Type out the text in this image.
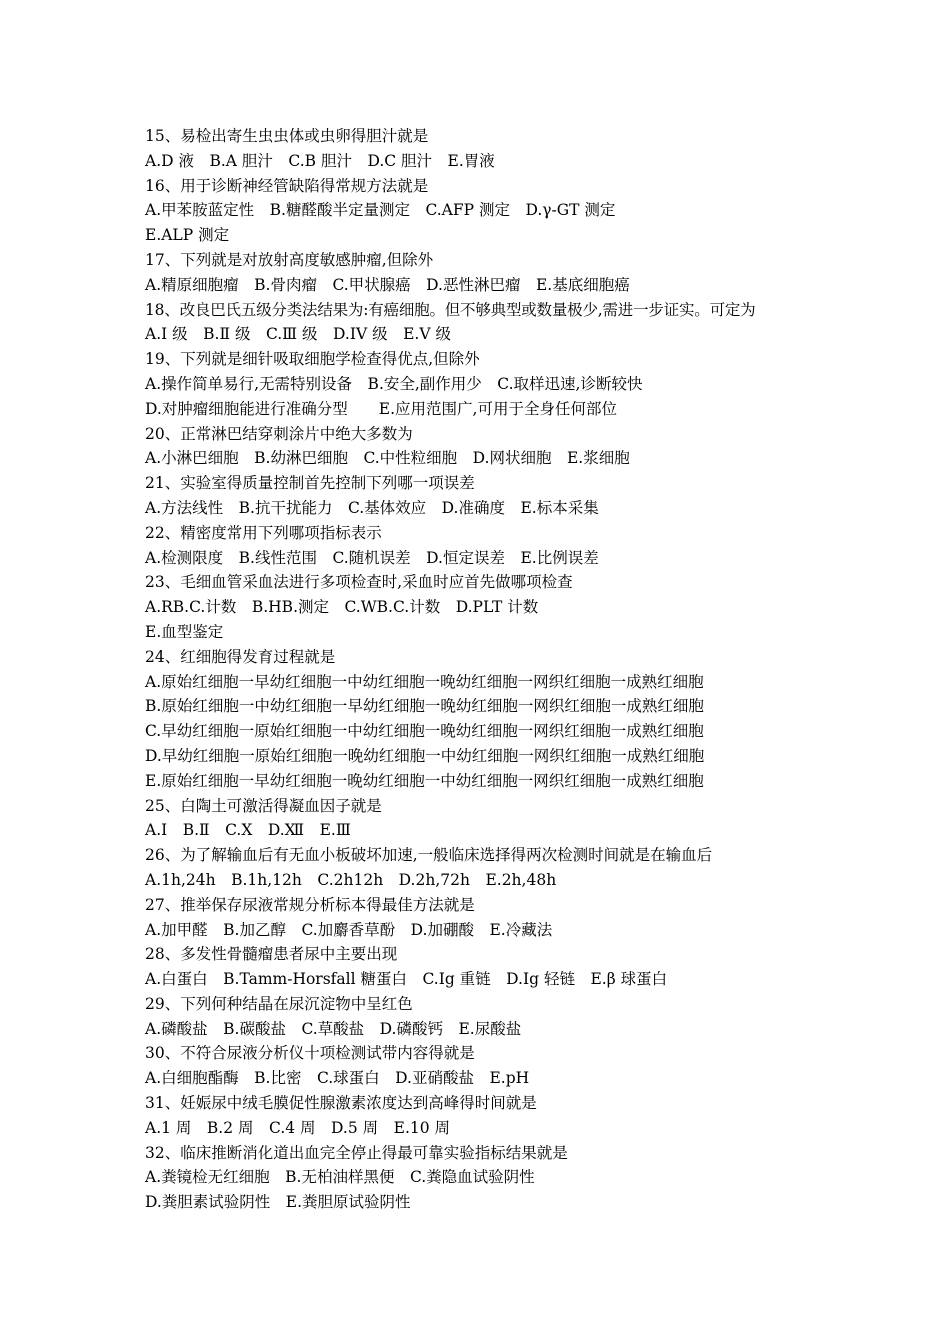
15、易检出寄生虫虫体或虫卵得胆汁就是
A.D 液　B.A 胆汁　C.B 胆汁　D.C 胆汁　E.胃液
16、用于诊断神经管缺陷得常规方法就是
A.甲苯胺蓝定性　B.糖醛酸半定量测定　C.AFP 测定　D.γ-GT 测定
E.ALP 测定
17、下列就是对放射高度敏感肿瘤,但除外
A.精原细胞瘤　B.骨肉瘤　C.甲状腺癌　D.恶性淋巴瘤　E.基底细胞癌
18、改良巴氏五级分类法结果为:有癌细胞。但不够典型或数量极少,需进一步证实。可定为
A.I 级　B.Ⅱ 级　C.Ⅲ 级　D.IV 级　E.V 级
19、下列就是细针吸取细胞学检查得优点,但除外
A.操作简单易行,无需特别设备　B.安全,副作用少　C.取样迅速,诊断较快
D.对肿瘤细胞能进行准确分型　　E.应用范围广,可用于全身任何部位
20、正常淋巴结穿刺涂片中绝大多数为
A.小淋巴细胞　B.幼淋巴细胞　C.中性粒细胞　D.网状细胞　E.浆细胞
21、实验室得质量控制首先控制下列哪一项误差
A.方法线性　B.抗干扰能力　C.基体效应　D.准确度　E.标本采集
22、精密度常用下列哪项指标表示
A.检测限度　B.线性范围　C.随机误差　D.恒定误差　E.比例误差
23、毛细血管采血法进行多项检查时,采血时应首先做哪项检查
A.RB.C.计数　B.HB.测定　C.WB.C.计数　D.PLT 计数
E.血型鉴定
24、红细胞得发育过程就是
A.原始红细胞一早幼红细胞一中幼红细胞一晚幼红细胞一网织红细胞一成熟红细胞
B.原始红细胞一中幼红细胞一早幼红细胞一晚幼红细胞一网织红细胞一成熟红细胞
C.早幼红细胞一原始红细胞一中幼红细胞一晚幼红细胞一网织红细胞一成熟红细胞
D.早幼红细胞一原始红细胞一晚幼红细胞一中幼红细胞一网织红细胞一成熟红细胞
E.原始红细胞一早幼红细胞一晚幼红细胞一中幼红细胞一网织红细胞一成熟红细胞
25、白陶土可激活得凝血因子就是
A.Ⅰ　B.Ⅱ　C.Ⅹ　D.Ⅻ　E.Ⅲ
26、为了解输血后有无血小板破坏加速,一般临床选择得两次检测时间就是在输血后
A.1h,24h　B.1h,12h　C.2h12h　D.2h,72h　E.2h,48h
27、推举保存尿液常规分析标本得最佳方法就是
A.加甲醛　B.加乙醇　C.加麝香草酚　D.加硼酸　E.冷藏法
28、多发性骨髓瘤患者尿中主要出现
A.白蛋白　B.Tamm-Horsfall 糖蛋白　C.Ig 重链　D.Ig 轻链　E.β 球蛋白
29、下列何种结晶在尿沉淀物中呈红色
A.磷酸盐　B.碳酸盐　C.草酸盐　D.磷酸钙　E.尿酸盐
30、不符合尿液分析仪十项检测试带内容得就是
A.白细胞酯酶　B.比密　C.球蛋白　D.亚硝酸盐　E.pH
31、妊娠尿中绒毛膜促性腺激素浓度达到高峰得时间就是
A.1 周　B.2 周　C.4 周　D.5 周　E.10 周
32、临床推断消化道出血完全停止得最可靠实验指标结果就是
A.粪镜检无红细胞　B.无柏油样黑便　C.粪隐血试验阴性
D.粪胆素试验阴性　E.粪胆原试验阴性
